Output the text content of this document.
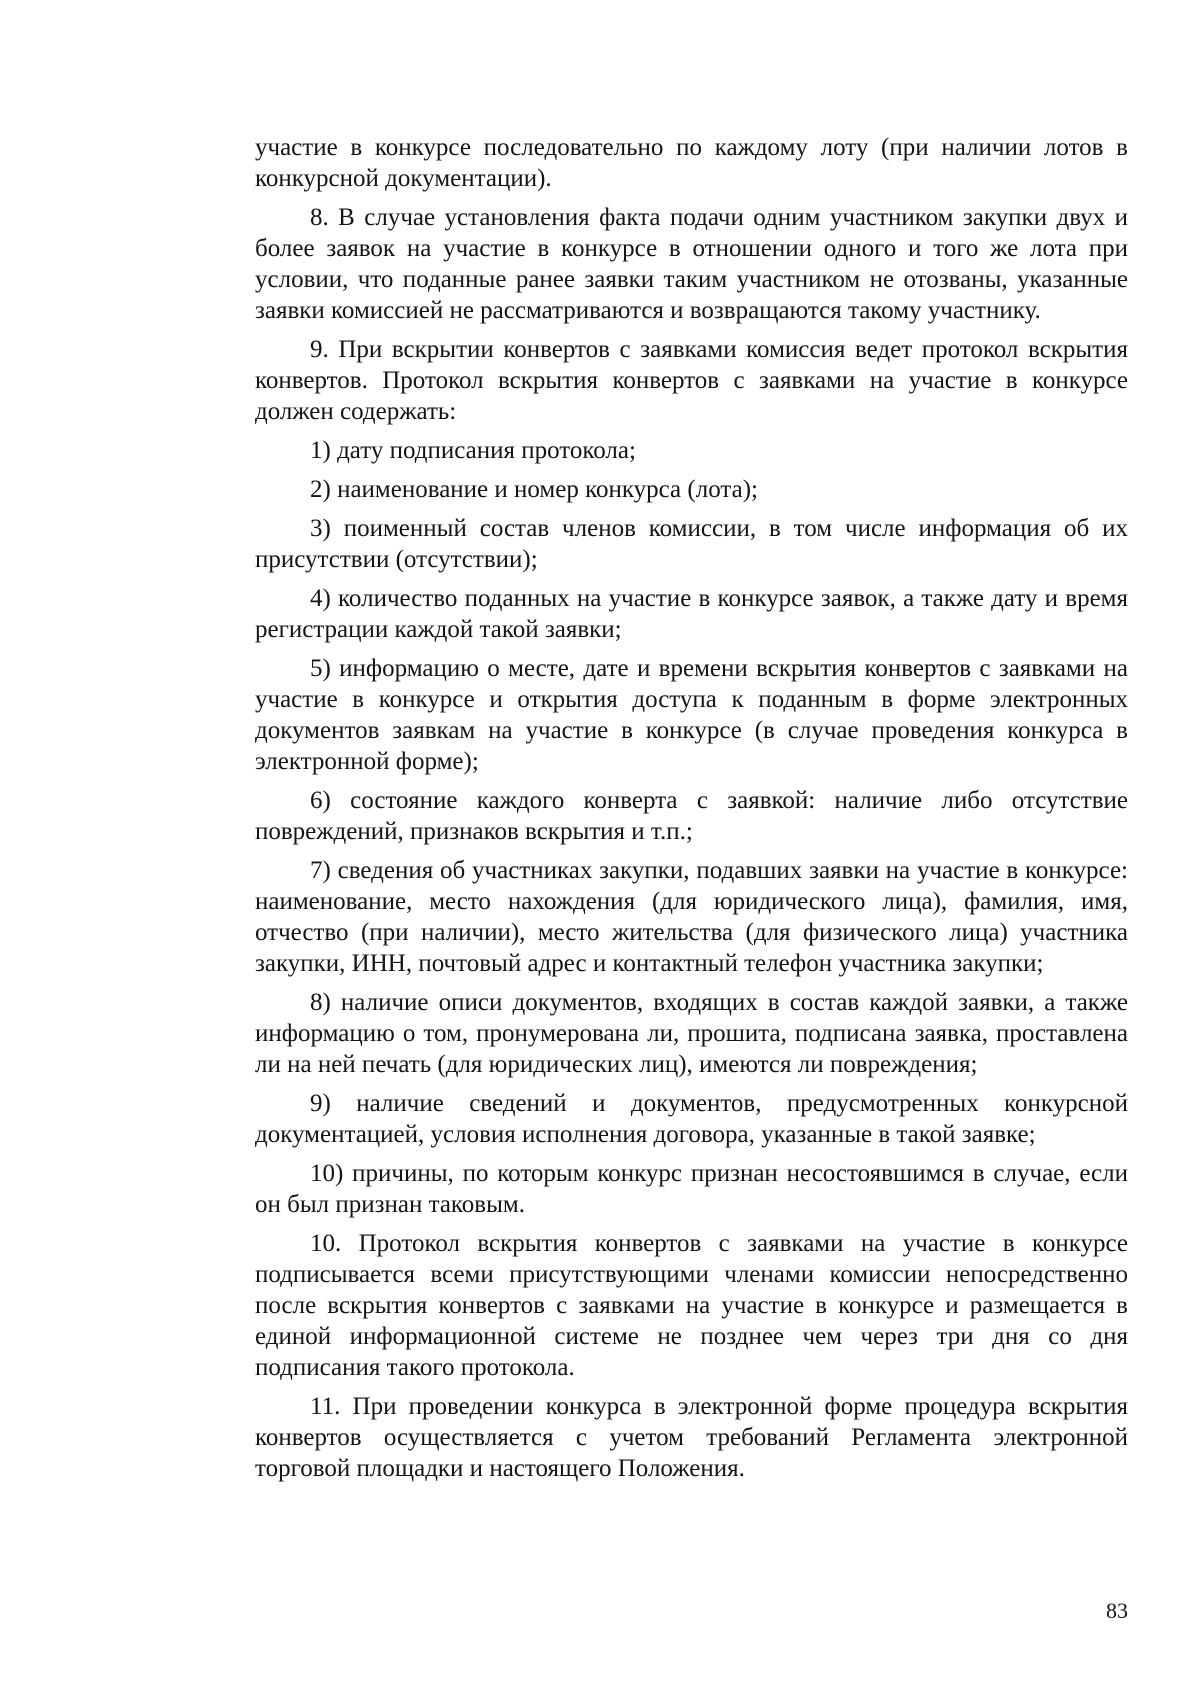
участие в конкурсе последовательно по каждому лоту (при наличии лотов в конкурсной документации).

8. В случае установления факта подачи одним участником закупки двух и более заявок на участие в конкурсе в отношении одного и того же лота при условии, что поданные ранее заявки таким участником не отозваны, указанные заявки комиссией не рассматриваются и возвращаются такому участнику.

9. При вскрытии конвертов с заявками комиссия ведет протокол вскрытия конвертов. Протокол вскрытия конвертов с заявками на участие в конкурсе должен содержать:

1) дату подписания протокола;

2) наименование и номер конкурса (лота);

3) поименный состав членов комиссии, в том числе информация об их присутствии (отсутствии);

4) количество поданных на участие в конкурсе заявок, а также дату и время регистрации каждой такой заявки;

5) информацию о месте, дате и времени вскрытия конвертов с заявками на участие в конкурсе и открытия доступа к поданным в форме электронных документов заявкам на участие в конкурсе (в случае проведения конкурса в электронной форме);

6) состояние каждого конверта с заявкой: наличие либо отсутствие повреждений, признаков вскрытия и т.п.;

7) сведения об участниках закупки, подавших заявки на участие в конкурсе: наименование, место нахождения (для юридического лица), фамилия, имя, отчество (при наличии), место жительства (для физического лица) участника закупки, ИНН, почтовый адрес и контактный телефон участника закупки;

8) наличие описи документов, входящих в состав каждой заявки, а также информацию о том, пронумерована ли, прошита, подписана заявка, проставлена ли на ней печать (для юридических лиц), имеются ли повреждения;

9) наличие сведений и документов, предусмотренных конкурсной документацией, условия исполнения договора, указанные в такой заявке;

10) причины, по которым конкурс признан несостоявшимся в случае, если он был признан таковым.

10. Протокол вскрытия конвертов с заявками на участие в конкурсе подписывается всеми присутствующими членами комиссии непосредственно после вскрытия конвертов с заявками на участие в конкурсе и размещается в единой информационной системе не позднее чем через три дня со дня подписания такого протокола.

11. При проведении конкурса в электронной форме процедура вскрытия конвертов осуществляется с учетом требований Регламента электронной торговой площадки и настоящего Положения.

83
